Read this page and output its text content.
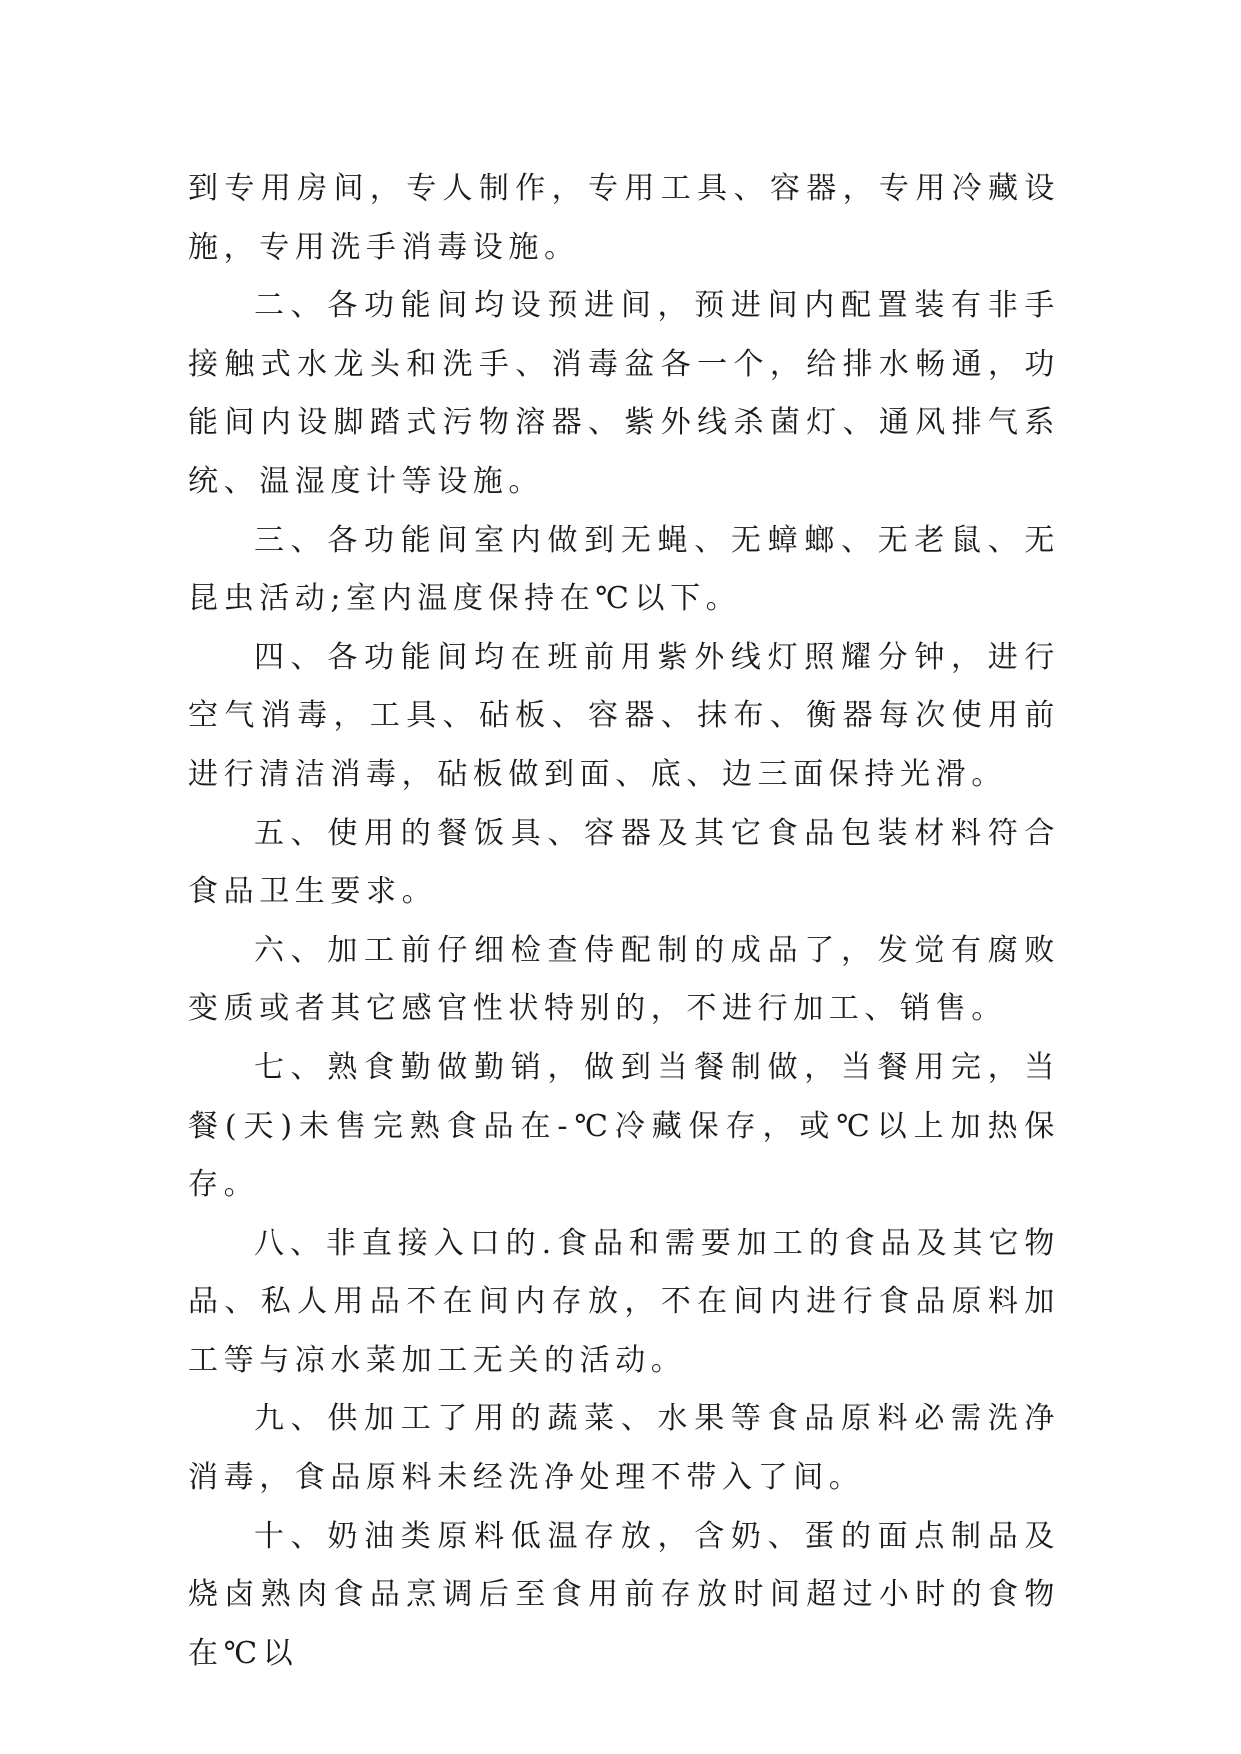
到专用房间，专人制作，专用工具、容器，专用冷藏设施，专用洗手消毒设施。

二、各功能间均设预进间，预进间内配置装有非手接触式水龙头和洗手、消毒盆各一个，给排水畅通，功能间内设脚踏式污物溶器、紫外线杀菌灯、通风排气系统、温湿度计等设施。

三、各功能间室内做到无蝇、无蟑螂、无老鼠、无昆虫活动;室内温度保持在℃以下。

四、各功能间均在班前用紫外线灯照耀分钟，进行空气消毒，工具、砧板、容器、抹布、衡器每次使用前进行清洁消毒，砧板做到面、底、边三面保持光滑。

五、使用的餐饭具、容器及其它食品包装材料符合食品卫生要求。

六、加工前仔细检查侍配制的成品了，发觉有腐败变质或者其它感官性状特别的，不进行加工、销售。

七、熟食勤做勤销，做到当餐制做，当餐用完，当餐(天)未售完熟食品在-℃冷藏保存，或℃以上加热保存。

八、非直接入口的.食品和需要加工的食品及其它物品、私人用品不在间内存放，不在间内进行食品原料加工等与凉水菜加工无关的活动。

九、供加工了用的蔬菜、水果等食品原料必需洗净消毒，食品原料未经洗净处理不带入了间。

十、奶油类原料低温存放，含奶、蛋的面点制品及烧卤熟肉食品烹调后至食用前存放时间超过小时的食物在℃以
